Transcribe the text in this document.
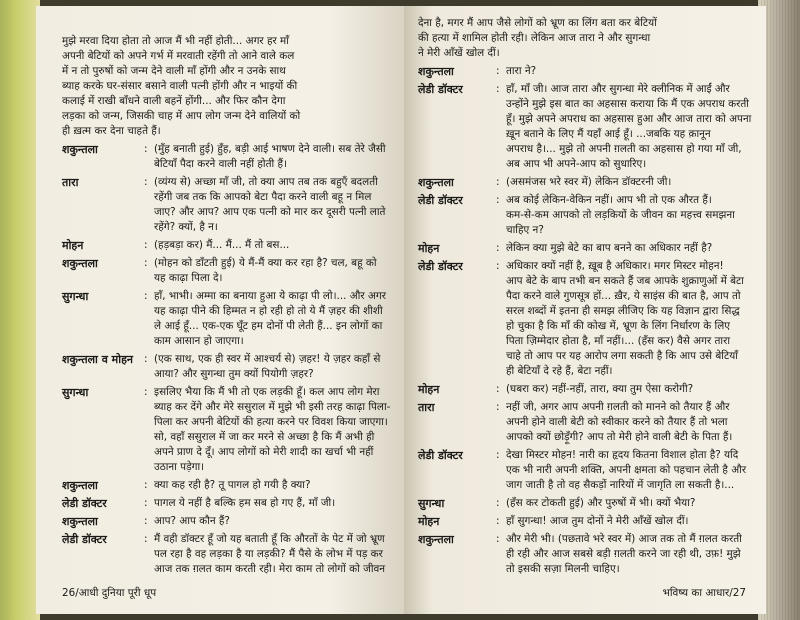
मुझे मरवा दिया होता तो आज मैं भी नहीं होती... अगर हर माँ
अपनी बेटियों को अपने गर्भ में मरवाती रहेंगी तो आने वाले कल
में न तो पुरुषों को जन्म देने वाली माँ होंगी और न उनके साथ
ब्याह करके घर-संसार बसाने वाली पत्नी होंगी और न भाइयों की
कलाई में राखी बाँधने वाली बहनें होंगी... और फिर कौन देगा
लड़का को जन्म, जिसकी चाह में आप लोग जन्म देने वालियों को
ही ख़त्म कर देना चाहते हैं।
शकुन्तला	: (मुँह बनाती हुई) हुँह, बड़ी आई भाषण देने वाली। सब तेरे जैसी
बेटियाँ पैदा करने वाली नहीं होती हैं।
तारा	: (व्यंग्य से) अच्छा माँ जी, तो क्या आप तब तक बहुएँ बदलती
रहेंगी जब तक कि आपको बेटा पैदा करने वाली बहू न मिल
जाए? और आप? आप एक पत्नी को मार कर दूसरी पत्नी लाते
रहेंगे? क्यों, है न।
मोहन	: (हड़बड़ा कर) मैं... मैं... मैं तो बस...
शकुन्तला	: (मोहन को डाँटती हुई) ये मैं-मैं क्या कर रहा है? चल, बहू को
यह काढ़ा पिला दे।
सुगन्धा	: हाँ, भाभी। अम्मा का बनाया हुआ ये काढ़ा पी लो।... और अगर
यह काढ़ा पीने की हिम्मत न हो रही हो तो ये मैं ज़हर की शीशी
ले आई हूँ... एक-एक घूँट हम दोनों पी लेती हैं... इन लोगों का
काम आसान हो जाएगा।
शकुन्तला व मोहन	: (एक साथ, एक ही स्वर में आश्चर्य से) ज़हर! ये ज़हर कहाँ से
आया? और सुगन्धा तुम क्यों पियोगी ज़हर?
सुगन्धा	: इसलिए भैया कि मैं भी तो एक लड़की हूँ। कल आप लोग मेरा
ब्याह कर देंगे और मेरे ससुराल में मुझे भी इसी तरह काढ़ा पिला-
पिला कर अपनी बेटियों की हत्या करने पर विवश किया जाएगा।
सो, वहाँ ससुराल में जा कर मरने से अच्छा है कि मैं अभी ही
अपने प्राण दे दूँ। आप लोगों को मेरी शादी का खर्चा भी नहीं
उठाना पड़ेगा।
शकुन्तला	: क्या कह रही है? तू पागल हो गयी है क्या?
लेडी डॉक्टर	: पागल ये नहीं है बल्कि हम सब हो गए हैं, माँ जी।
शकुन्तला	: आप? आप कौन हैं?
लेडी डॉक्टर	: मैं वही डॉक्टर हूँ जो यह बताती हूँ कि औरतों के पेट में जो भ्रूण
पल रहा है वह लड़का है या लड़की? मैं पैसे के लोभ में पड़ कर
आज तक ग़लत काम करती रही। मेरा काम तो लोगों को जीवन
26/आधी दुनिया पूरी धूप
देना है, मगर मैं आप जैसे लोगों को भ्रूण का लिंग बता कर बेटियों
की हत्या में शामिल होती रही। लेकिन आज तारा ने और सुगन्धा
ने मेरी आँखें खोल दीं।
शकुन्तला	: तारा ने?
लेडी डॉक्टर	: हाँ, माँ जी। आज तारा और सुगन्धा मेरे क्लीनिक में आईं और
उन्होंने मुझे इस बात का अहसास कराया कि मैं एक अपराध करती
हूँ। मुझे अपने अपराध का अहसास हुआ और आज तारा को अपना
ख़ून बताने के लिए मैं यहाँ आई हूँ। ...जबकि यह क़ानून
अपराध है।... मुझे तो अपनी ग़लती का अहसास हो गया माँ जी,
अब आप भी अपने-आप को सुधारिए।
शकुन्तला	: (असमंजस भरे स्वर में) लेकिन डॉक्टरनी जी।
लेडी डॉक्टर	: अब कोई लेकिन-वेकिन नहीं। आप भी तो एक औरत हैं।
कम-से-कम आपको तो लड़कियों के जीवन का महत्त्व समझना
चाहिए न?
मोहन	: लेकिन क्या मुझे बेटे का बाप बनने का अधिकार नहीं है?
लेडी डॉक्टर	: अधिकार क्यों नहीं है, ख़ूब है अधिकार। मगर मिस्टर मोहन!
आप बेटे के बाप तभी बन सकते हैं जब आपके शुक्राणुओं में बेटा
पैदा करने वाले गुणसूत्र हों... ख़ैर, ये साइंस की बात है, आप तो
सरल शब्दों में इतना ही समझ लीजिए कि यह विज्ञान द्वारा सिद्ध
हो चुका है कि माँ की कोख में, भ्रूण के लिंग निर्धारण के लिए
पिता ज़िम्मेदार होता है, माँ नहीं।... (हँस कर) वैसे अगर तारा
चाहे तो आप पर यह आरोप लगा सकती है कि आप उसे बेटियाँ
ही बेटियाँ दे रहे हैं, बेटा नहीं।
मोहन	: (घबरा कर) नहीं-नहीं, तारा, क्या तुम ऐसा करोगी?
तारा	: नहीं जी, अगर आप अपनी ग़लती को मानने को तैयार हैं और
अपनी होने वाली बेटी को स्वीकार करने को तैयार हैं तो भला
आपको क्यों छोड़ूँगी? आप तो मेरी होने वाली बेटी के पिता हैं।
लेडी डॉक्टर	: देखा मिस्टर मोहन! नारी का हृदय कितना विशाल होता है? यदि
एक भी नारी अपनी शक्ति, अपनी क्षमता को पहचान लेती है और
जाग जाती है तो वह सैकड़ों नारियों में जागृति ला सकती है।...
सुगन्धा	: (हँस कर टोकती हुई) और पुरुषों में भी। क्यों भैया?
मोहन	: हाँ सुगन्धा! आज तुम दोनों ने मेरी आँखें खोल दीं।
शकुन्तला	: और मेरी भी। (पछतावे भरे स्वर में) आज तक तो मैं ग़लत करती
ही रही और आज सबसे बड़ी ग़लती करने जा रही थी, उफ़! मुझे
तो इसकी सज़ा मिलनी चाहिए।
भविष्य का आधार/27
